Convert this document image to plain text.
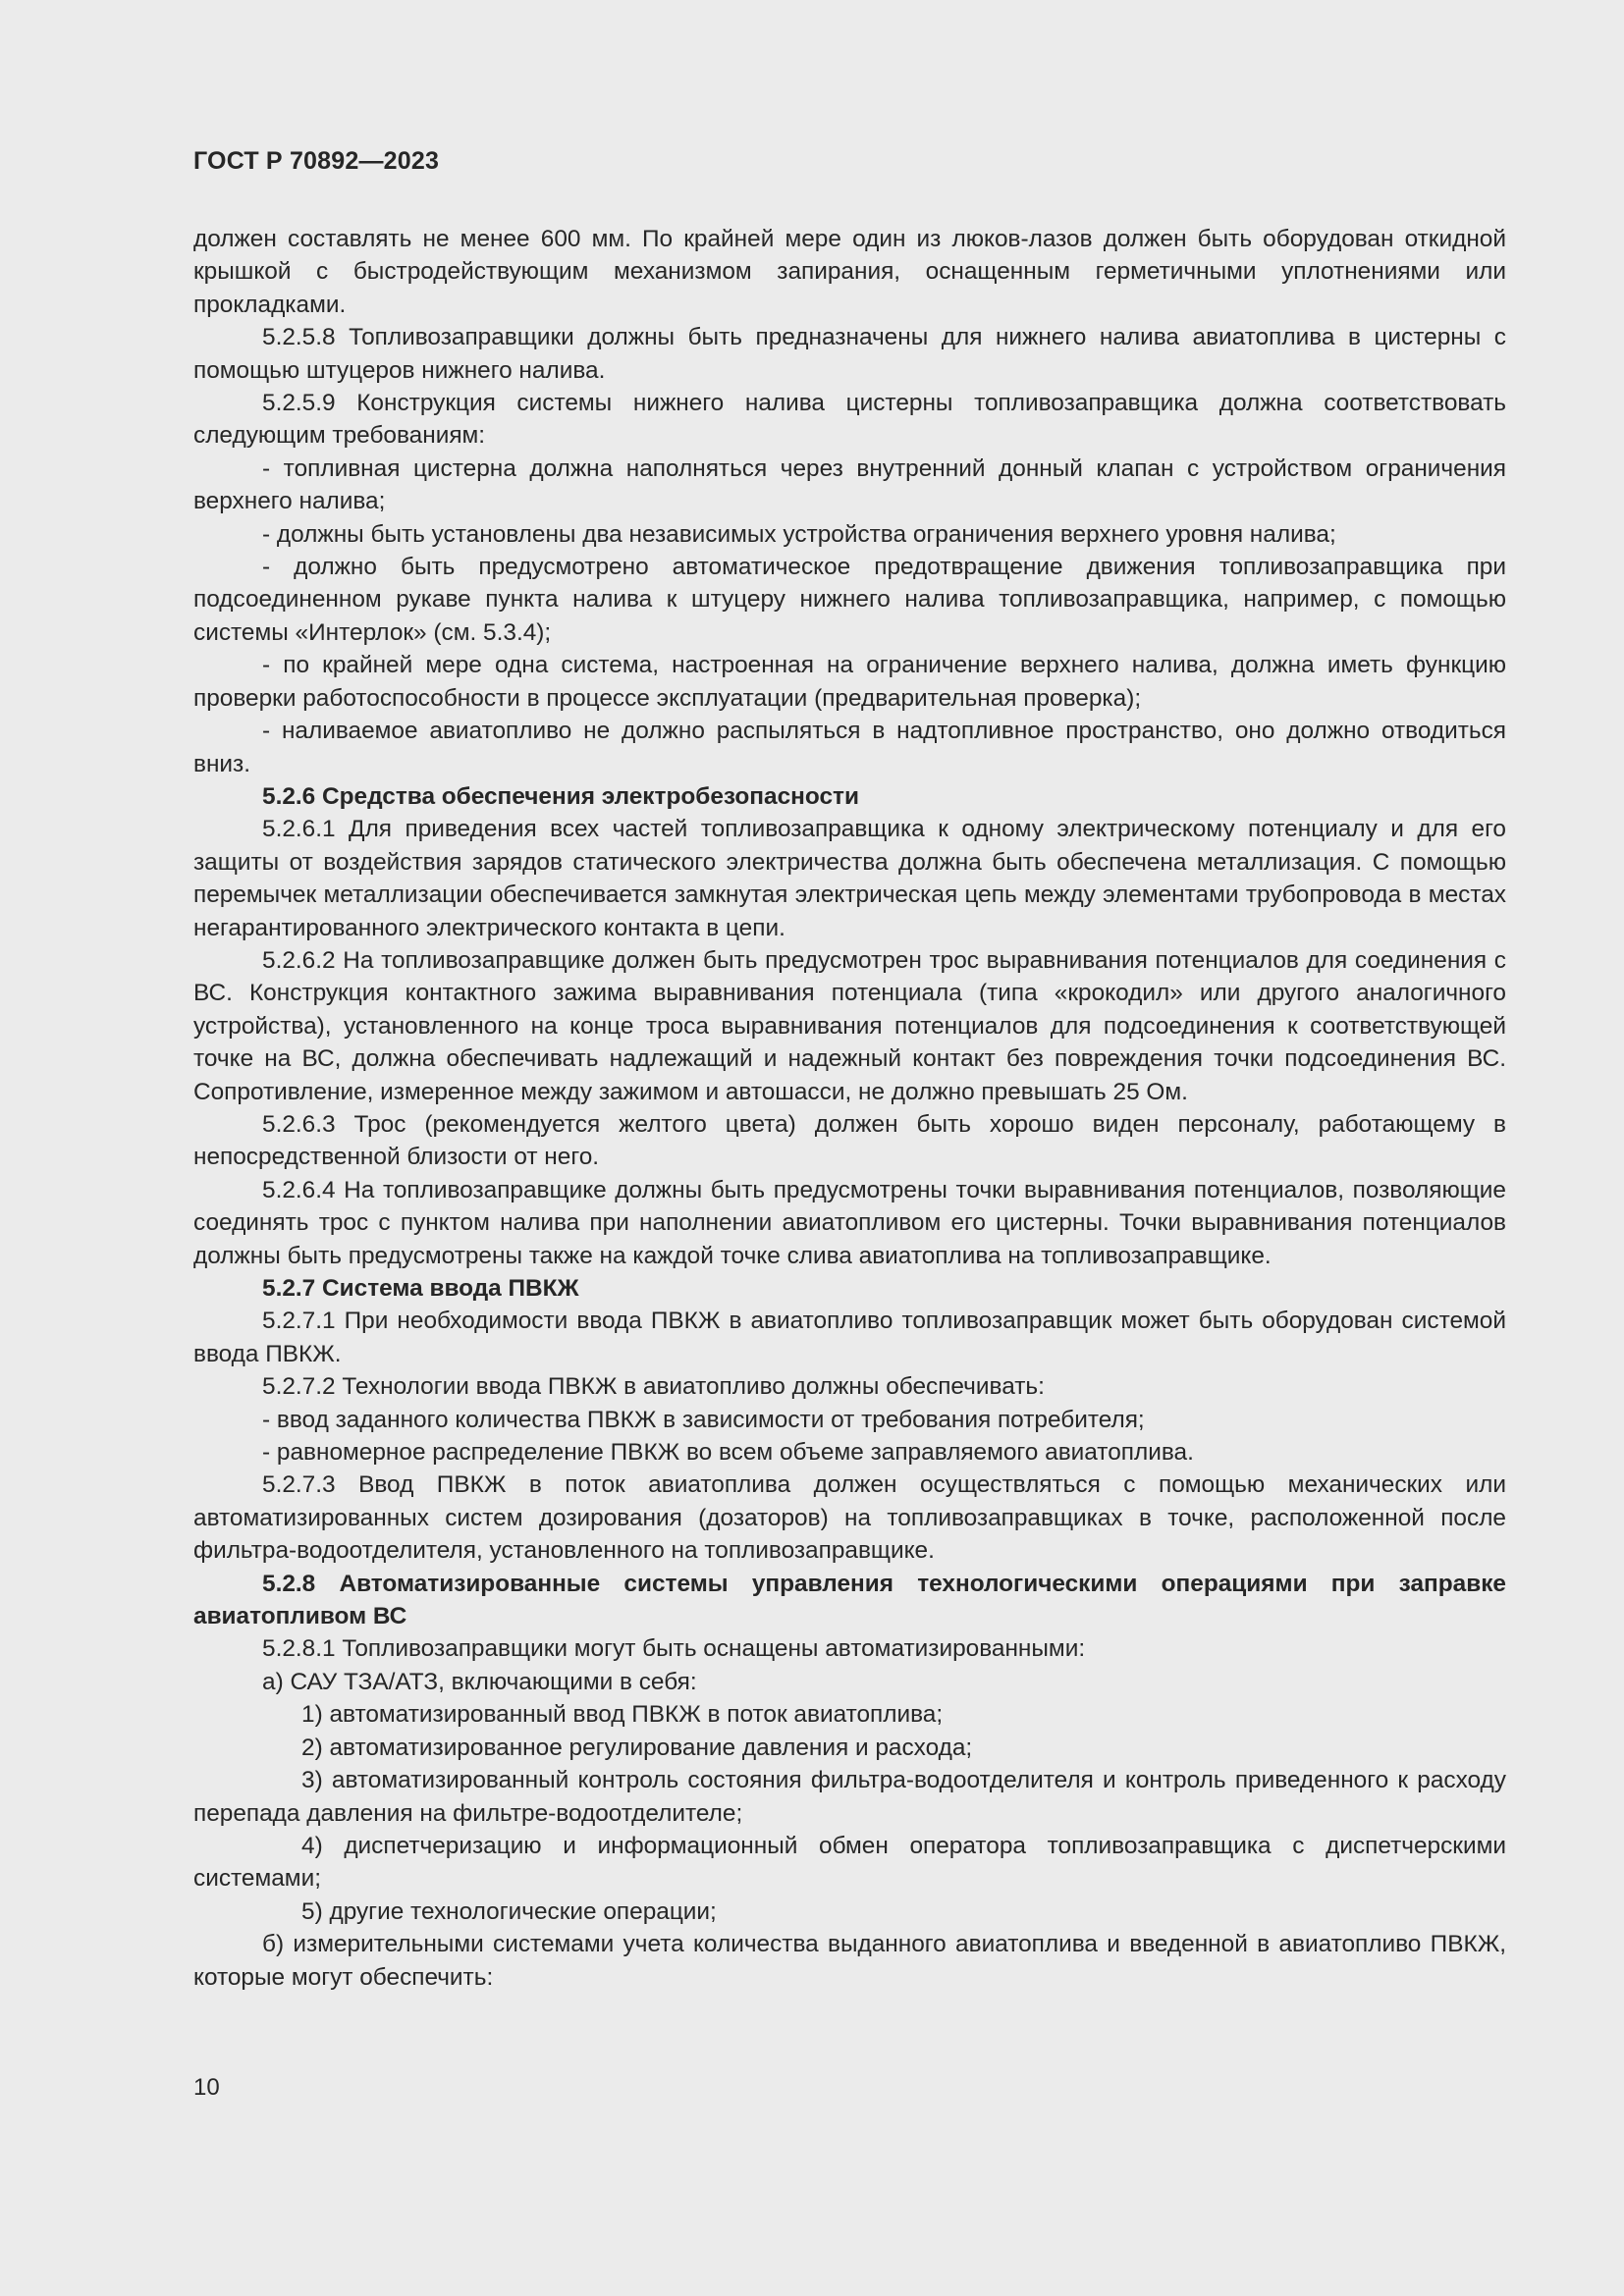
ГОСТ Р 70892—2023

должен составлять не менее 600 мм. По крайней мере один из люков-лазов должен быть оборудован откидной крышкой с быстродействующим механизмом запирания, оснащенным герметичными уплотнениями или прокладками.

5.2.5.8 Топливозаправщики должны быть предназначены для нижнего налива авиатоплива в цистерны с помощью штуцеров нижнего налива.

5.2.5.9 Конструкция системы нижнего налива цистерны топливозаправщика должна соответствовать следующим требованиям:

- топливная цистерна должна наполняться через внутренний донный клапан с устройством ограничения верхнего налива;

- должны быть установлены два независимых устройства ограничения верхнего уровня налива;

- должно быть предусмотрено автоматическое предотвращение движения топливозаправщика при подсоединенном рукаве пункта налива к штуцеру нижнего налива топливозаправщика, например, с помощью системы «Интерлок» (см. 5.3.4);

- по крайней мере одна система, настроенная на ограничение верхнего налива, должна иметь функцию проверки работоспособности в процессе эксплуатации (предварительная проверка);

- наливаемое авиатопливо не должно распыляться в надтопливное пространство, оно должно отводиться вниз.

5.2.6 Средства обеспечения электробезопасности

5.2.6.1 Для приведения всех частей топливозаправщика к одному электрическому потенциалу и для его защиты от воздействия зарядов статического электричества должна быть обеспечена металлизация. С помощью перемычек металлизации обеспечивается замкнутая электрическая цепь между элементами трубопровода в местах негарантированного электрического контакта в цепи.

5.2.6.2 На топливозаправщике должен быть предусмотрен трос выравнивания потенциалов для соединения с ВС. Конструкция контактного зажима выравнивания потенциала (типа «крокодил» или другого аналогичного устройства), установленного на конце троса выравнивания потенциалов для подсоединения к соответствующей точке на ВС, должна обеспечивать надлежащий и надежный контакт без повреждения точки подсоединения ВС. Сопротивление, измеренное между зажимом и автошасси, не должно превышать 25 Ом.

5.2.6.3 Трос (рекомендуется желтого цвета) должен быть хорошо виден персоналу, работающему в непосредственной близости от него.

5.2.6.4 На топливозаправщике должны быть предусмотрены точки выравнивания потенциалов, позволяющие соединять трос с пунктом налива при наполнении авиатопливом его цистерны. Точки выравнивания потенциалов должны быть предусмотрены также на каждой точке слива авиатоплива на топливозаправщике.

5.2.7 Система ввода ПВКЖ

5.2.7.1 При необходимости ввода ПВКЖ в авиатопливо топливозаправщик может быть оборудован системой ввода ПВКЖ.

5.2.7.2 Технологии ввода ПВКЖ в авиатопливо должны обеспечивать:

- ввод заданного количества ПВКЖ в зависимости от требования потребителя;

- равномерное распределение ПВКЖ во всем объеме заправляемого авиатоплива.

5.2.7.3 Ввод ПВКЖ в поток авиатоплива должен осуществляться с помощью механических или автоматизированных систем дозирования (дозаторов) на топливозаправщиках в точке, расположенной после фильтра-водоотделителя, установленного на топливозаправщике.

5.2.8 Автоматизированные системы управления технологическими операциями при заправке авиатопливом ВС

5.2.8.1 Топливозаправщики могут быть оснащены автоматизированными:

а) САУ ТЗА/АТЗ, включающими в себя:

1) автоматизированный ввод ПВКЖ в поток авиатоплива;

2) автоматизированное регулирование давления и расхода;

3) автоматизированный контроль состояния фильтра-водоотделителя и контроль приведенного к расходу перепада давления на фильтре-водоотделителе;

4) диспетчеризацию и информационный обмен оператора топливозаправщика с диспетчерскими системами;

5) другие технологические операции;

б) измерительными системами учета количества выданного авиатоплива и введенной в авиатопливо ПВКЖ, которые могут обеспечить:

10
